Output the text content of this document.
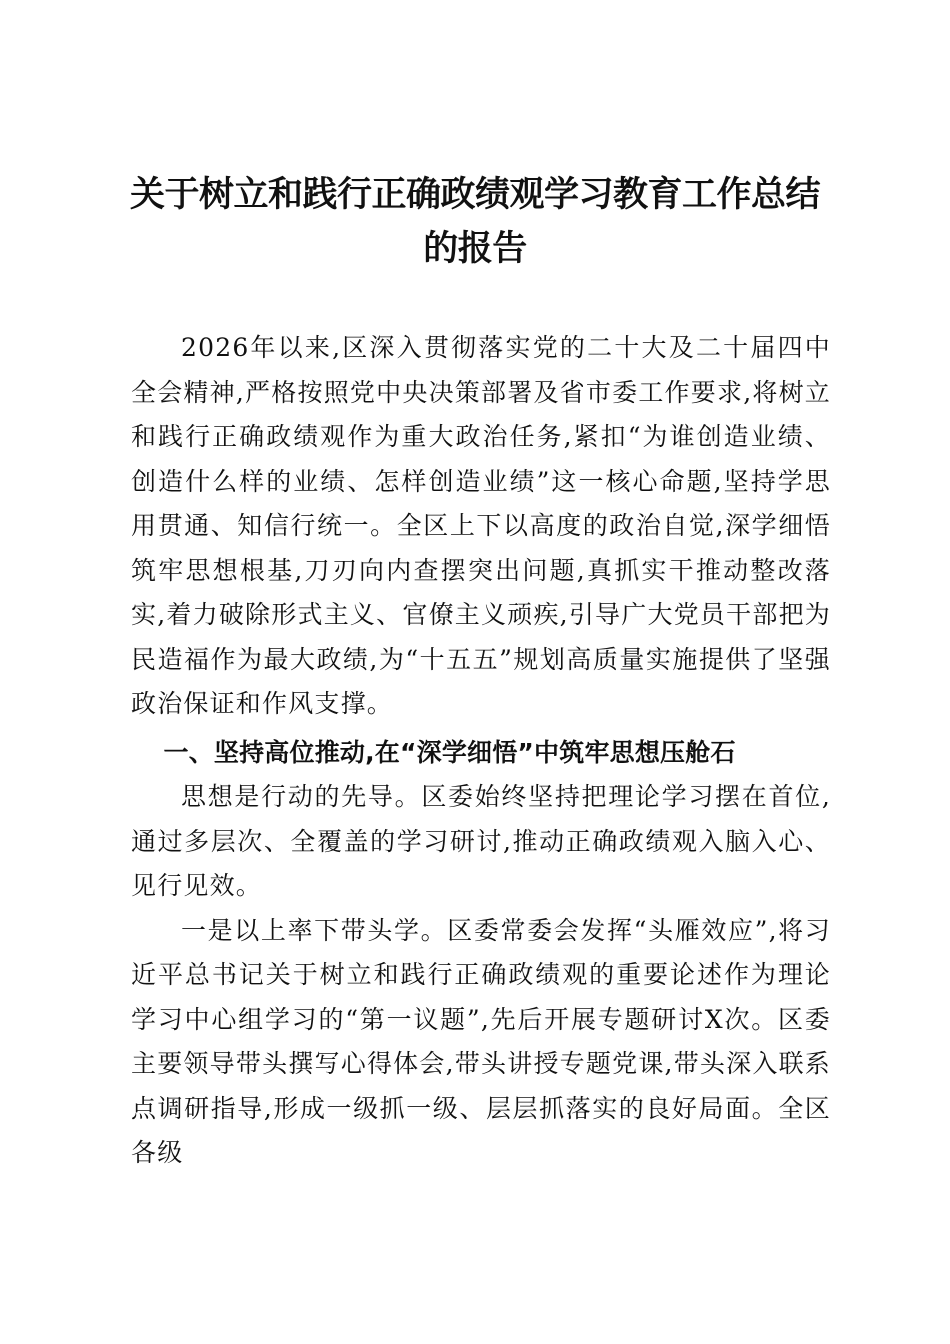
关于树立和践行正确政绩观学习教育工作总结
的报告

2026年以来,区深入贯彻落实党的二十大及二十届四中全会精神,严格按照党中央决策部署及省市委工作要求,将树立和践行正确政绩观作为重大政治任务,紧扣“为谁创造业绩、创造什么样的业绩、怎样创造业绩”这一核心命题,坚持学思用贯通、知信行统一。全区上下以高度的政治自觉,深学细悟筑牢思想根基,刀刃向内查摆突出问题,真抓实干推动整改落实,着力破除形式主义、官僚主义顽疾,引导广大党员干部把为民造福作为最大政绩,为“十五五”规划高质量实施提供了坚强政治保证和作风支撑。

一、坚持高位推动,在“深学细悟”中筑牢思想压舱石

思想是行动的先导。区委始终坚持把理论学习摆在首位,通过多层次、全覆盖的学习研讨,推动正确政绩观入脑入心、见行见效。

一是以上率下带头学。区委常委会发挥“头雁效应”,将习近平总书记关于树立和践行正确政绩观的重要论述作为理论学习中心组学习的“第一议题”,先后开展专题研讨X次。区委主要领导带头撰写心得体会,带头讲授专题党课,带头深入联系点调研指导,形成一级抓一级、层层抓落实的良好局面。全区各级
